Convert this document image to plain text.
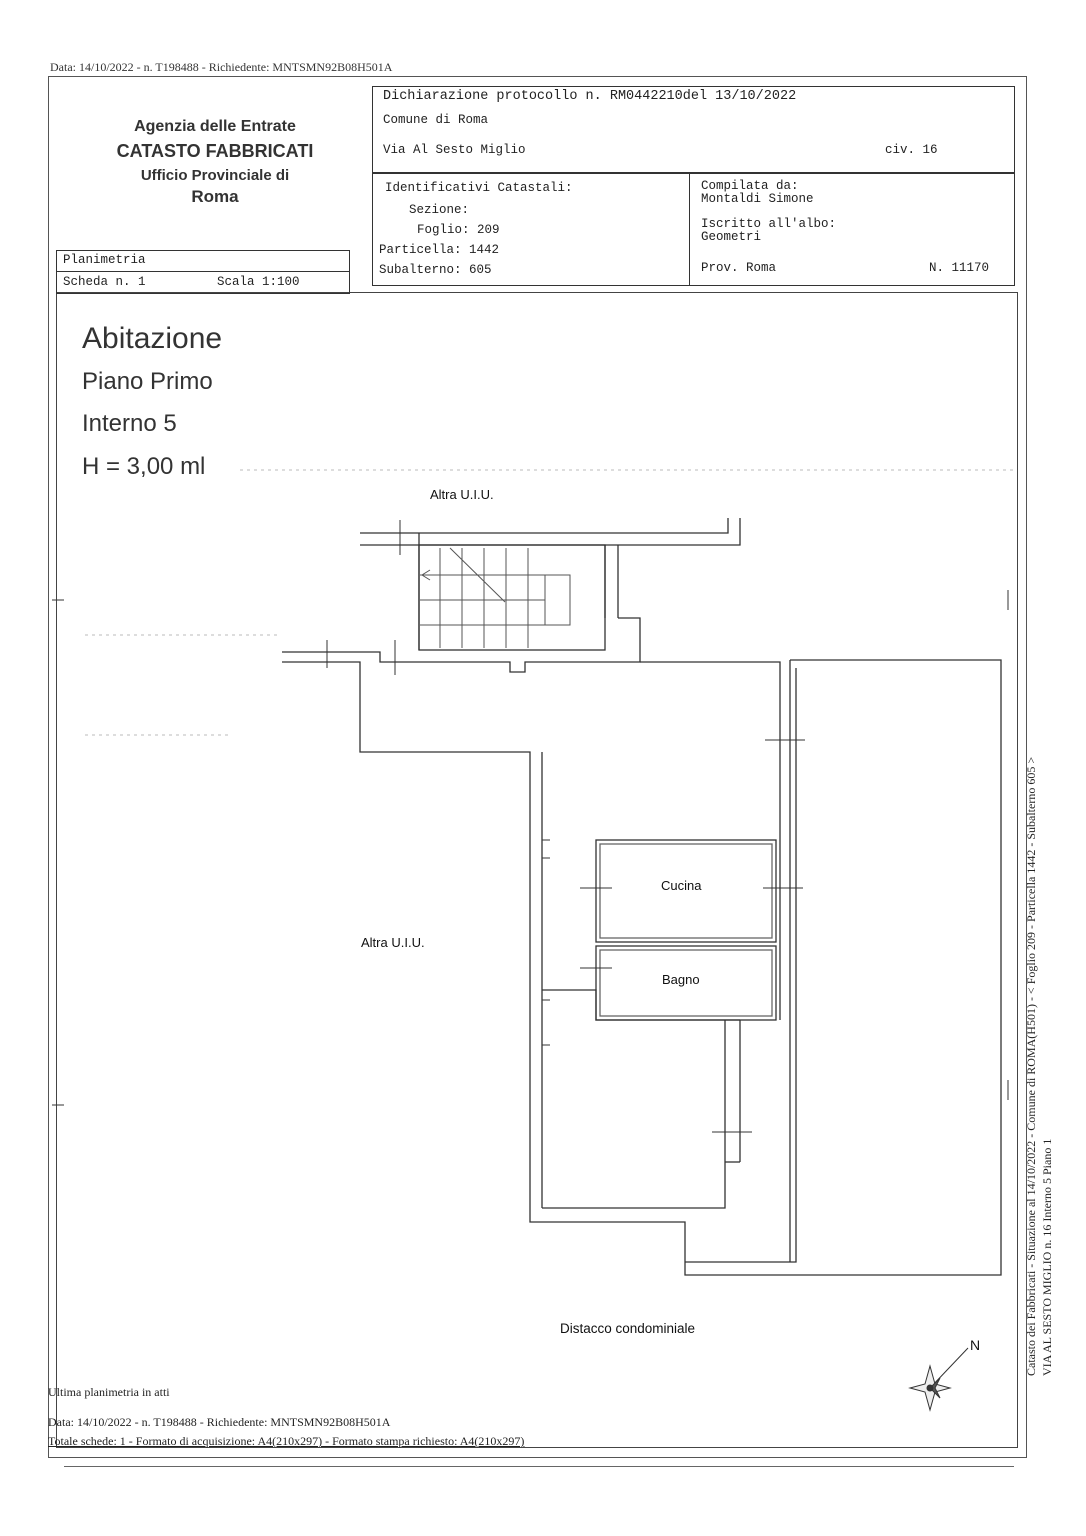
Data: 14/10/2022 - n. T198488 - Richiedente: MNTSMN92B08H501A
Agenzia delle Entrate
CATASTO FABBRICATI
Ufficio Provinciale di
Roma
Planimetria
Scheda n. 1	Scala 1:100
Dichiarazione protocollo n. RM0442210del 13/10/2022
Comune di Roma
Via Al Sesto Miglio	civ. 16
Identificativi Catastali:
Sezione:
Foglio: 209
Particella: 1442
Subalterno: 605
Compilata da:
Montaldi Simone
Iscritto all'albo:
Geometri
Prov. Roma	N. 11170
Abitazione
Piano Primo
Interno 5
H = 3,00 ml
Altra U.I.U.
Altra U.I.U.
Cucina
Bagno
Distacco condominiale
N
Ultima planimetria in atti
Data: 14/10/2022 - n. T198488 - Richiedente: MNTSMN92B08H501A
Totale schede: 1 - Formato di acquisizione: A4(210x297) - Formato stampa richiesto: A4(210x297)
Catasto dei Fabbricati - Situazione al 14/10/2022 - Comune di ROMA(H501) - < Foglio 209 - Particella 1442 - Subalterno 605 > VIA AL SESTO MIGLIO n. 16 Interno 5 Piano 1
